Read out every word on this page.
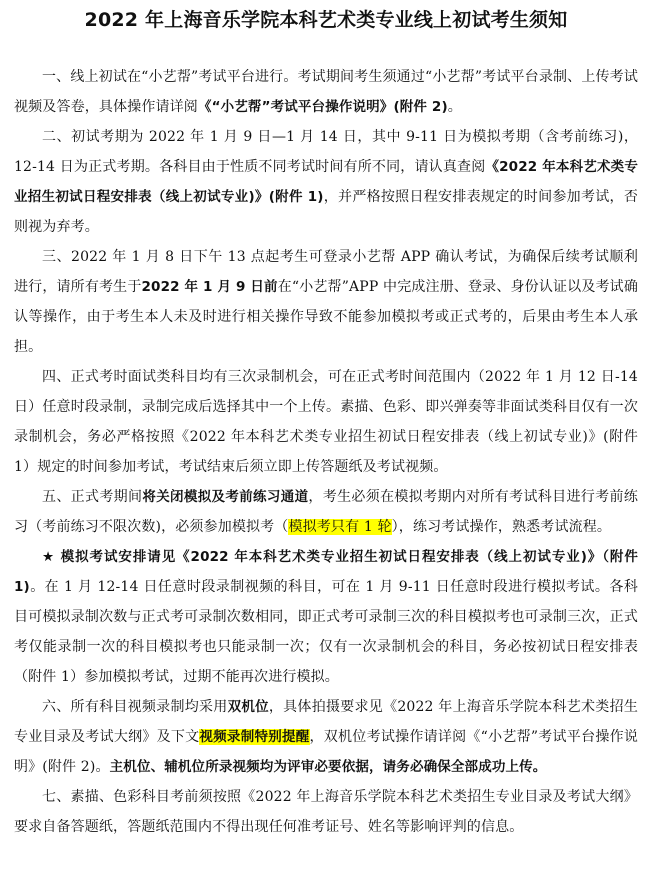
2022 年上海音乐学院本科艺术类专业线上初试考生须知

一、线上初试在“小艺帮”考试平台进行。考试期间考生须通过“小艺帮”考试平台录制、上传考试视频及答卷，具体操作请详阅《“小艺帮”考试平台操作说明》(附件 2)。

二、初试考期为 2022 年 1 月 9 日—1 月 14 日，其中 9-11 日为模拟考期（含考前练习)，12-14 日为正式考期。各科目由于性质不同考试时间有所不同，请认真查阅《2022 年本科艺术类专业招生初试日程安排表（线上初试专业)》(附件 1)，并严格按照日程安排表规定的时间参加考试，否则视为弃考。

三、2022 年 1 月 8 日下午 13 点起考生可登录小艺帮 APP 确认考试，为确保后续考试顺利进行，请所有考生于2022 年 1 月 9 日前在“小艺帮”APP 中完成注册、登录、身份认证以及考试确认等操作，由于考生本人未及时进行相关操作导致不能参加模拟考或正式考的，后果由考生本人承担。

四、正式考时面试类科目均有三次录制机会，可在正式考时间范围内（2022 年 1 月 12 日-14 日）任意时段录制，录制完成后选择其中一个上传。素描、色彩、即兴弹奏等非面试类科目仅有一次录制机会，务必严格按照《2022 年本科艺术类专业招生初试日程安排表（线上初试专业)》(附件 1）规定的时间参加考试，考试结束后须立即上传答题纸及考试视频。

五、正式考期间将关闭模拟及考前练习通道，考生必须在模拟考期内对所有考试科目进行考前练习（考前练习不限次数)，必须参加模拟考（模拟考只有 1 轮），练习考试操作，熟悉考试流程。

★ 模拟考试安排请见《2022 年本科艺术类专业招生初试日程安排表（线上初试专业)》（附件 1)。在 1 月 12-14 日任意时段录制视频的科目，可在 1 月 9-11 日任意时段进行模拟考试。各科目可模拟录制次数与正式考可录制次数相同，即正式考可录制三次的科目模拟考也可录制三次，正式考仅能录制一次的科目模拟考也只能录制一次；仅有一次录制机会的科目，务必按初试日程安排表（附件 1）参加模拟考试，过期不能再次进行模拟。

六、所有科目视频录制均采用双机位，具体拍摄要求见《2022 年上海音乐学院本科艺术类招生专业目录及考试大纲》及下文视频录制特别提醒，双机位考试操作请详阅《“小艺帮”考试平台操作说明》(附件 2)。主机位、辅机位所录视频均为评审必要依据，请务必确保全部成功上传。

七、素描、色彩科目考前须按照《2022 年上海音乐学院本科艺术类招生专业目录及考试大纲》要求自备答题纸，答题纸范围内不得出现任何准考证号、姓名等影响评判的信息。
